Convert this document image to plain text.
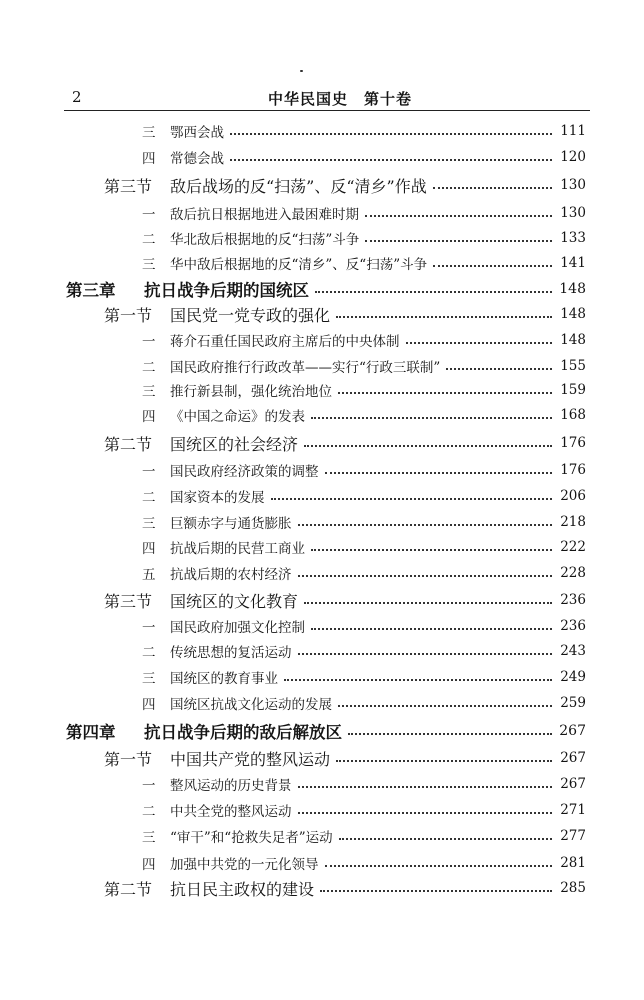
2	中华民国史　第十卷
三	鄂西会战	111
四	常德会战	120
第三节	敌后战场的反“扫荡”、反“清乡”作战	130
一	敌后抗日根据地进入最困难时期	130
二	华北敌后根据地的反“扫荡”斗争	133
三	华中敌后根据地的反“清乡”、反“扫荡”斗争	141
第三章	抗日战争后期的国统区	148
第一节	国民党一党专政的强化	148
一	蒋介石重任国民政府主席后的中央体制	148
二	国民政府推行行政改革——实行“行政三联制”	155
三	推行新县制，强化统治地位	159
四	《中国之命运》的发表	168
第二节	国统区的社会经济	176
一	国民政府经济政策的调整	176
二	国家资本的发展	206
三	巨额赤字与通货膨胀	218
四	抗战后期的民营工商业	222
五	抗战后期的农村经济	228
第三节	国统区的文化教育	236
一	国民政府加强文化控制	236
二	传统思想的复活运动	243
三	国统区的教育事业	249
四	国统区抗战文化运动的发展	259
第四章	抗日战争后期的敌后解放区	267
第一节	中国共产党的整风运动	267
一	整风运动的历史背景	267
二	中共全党的整风运动	271
三	“审干”和“抢救失足者”运动	277
四	加强中共党的一元化领导	281
第二节	抗日民主政权的建设	285
